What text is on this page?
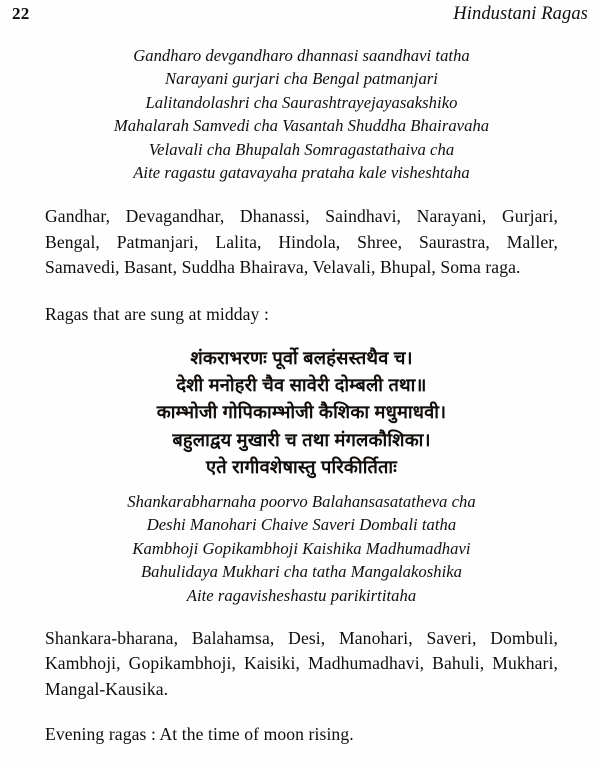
22	Hindustani Ragas
Gandharo devgandharo dhannasi saandhavi tatha
Narayani gurjari cha Bengal patmanjari
Lalitandolashri cha Saurashtrayejayasakshiko
Mahalarah Samvedi cha Vasantah Shuddha Bhairavaha
Velavali cha Bhupalah Somragastathaiva cha
Aite ragastu gatavayaha prataha kale visheshtaha

Gandhar, Devagandhar, Dhanassi, Saindhavi, Narayani, Gurjari, Bengal, Patmanjari, Lalita, Hindola, Shree, Saurastra, Maller, Samavedi, Basant, Suddha Bhairava, Velavali, Bhupal, Soma raga.

Ragas that are sung at midday :

शंकराभरणः पूर्वो बलहंसस्तथैव च।
देशी मनोहरी चैव सावेरी दोम्बली तथा॥
काम्भोजी गोपिकाम्भोजी कैशिका मधुमाधवी।
बहुलाद्वय मुखारी च तथा मंगलकौशिका।
एते रागीवशेषास्तु परिकीर्तिताः
Shankarabharnaha poorvo Balahansasatatheva cha
Deshi Manohari Chaive Saveri Dombali tatha
Kambhoji Gopikambhoji Kaishika Madhumadhavi
Bahulidaya Mukhari cha tatha Mangalakoshika
Aite ragavisheshastu parikirtitaha

Shankara-bharana, Balahamsa, Desi, Manohari, Saveri, Dombuli, Kambhoji, Gopikambhoji, Kaisiki, Madhumadhavi, Bahuli, Mukhari, Mangal-Kausika.

Evening ragas : At the time of moon rising.
